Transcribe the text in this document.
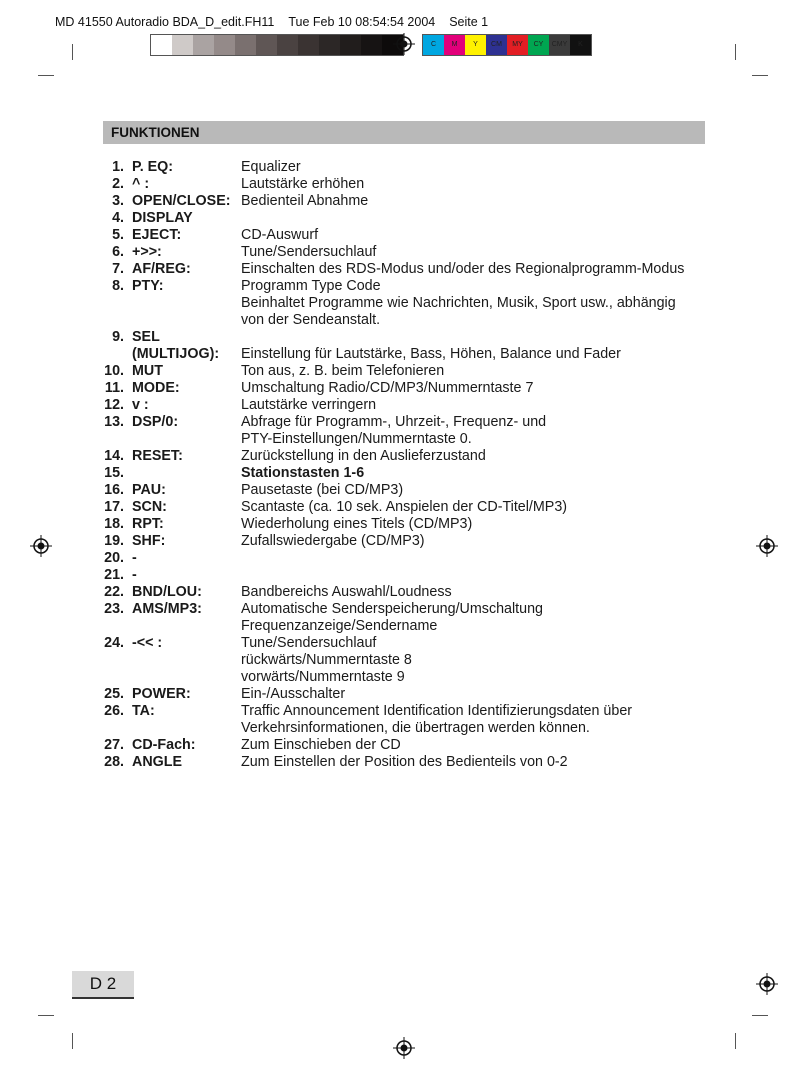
MD 41550 Autoradio BDA_D_edit.FH11 Tue Feb 10 08:54:54 2004 Seite 1
C	M	Y	CM	MY	CY	CMY	K
FUNKTIONEN
1. P. EQ:	Equalizer
2. ^ :	Lautstärke erhöhen
3. OPEN/CLOSE: Bedienteil Abnahme
4. DISPLAY
5. EJECT:	CD-Auswurf
6. +>>:	Tune/Sendersuchlauf
7. AF/REG:	Einschalten des RDS-Modus und/oder des Regionalprogramm-Modus
8. PTY:	Programm Type Code
Beinhaltet Programme wie Nachrichten, Musik, Sport usw., abhängig
von der Sendeanstalt.
9. SEL
(MULTIJOG):
	Einstellung für Lautstärke, Bass, Höhen, Balance und Fader
10. MUT	Ton aus, z. B. beim Telefonieren
11. MODE:	Umschaltung Radio/CD/MP3/Nummerntaste 7
12. v :	Lautstärke verringern
13. DSP/0:	Abfrage für Programm-, Uhrzeit-, Frequenz- und
PTY-Einstellungen/Nummerntaste 0.
14. RESET:	Zurückstellung in den Auslieferzustand
15.
	Stationstasten 1-6
16. PAU:	Pausetaste (bei CD/MP3)
17. SCN:	Scantaste (ca. 10 sek. Anspielen der CD-Titel/MP3)
18. RPT:	Wiederholung eines Titels (CD/MP3)
19. SHF:	Zufallswiedergabe (CD/MP3)
20. -
21. -
22. BND/LOU:	Bandbereichs Auswahl/Loudness
23. AMS/MP3:	Automatische Senderspeicherung/Umschaltung
Frequenzanzeige/Sendername
24. -<< :	Tune/Sendersuchlauf
rückwärts/Nummerntaste 8
vorwärts/Nummerntaste 9
25. POWER:	Ein-/Ausschalter
26. TA:	Traffic Announcement Identification Identifizierungsdaten über
Verkehrsinformationen, die übertragen werden können.
27. CD-Fach:	Zum Einschieben der CD
28. ANGLE	Zum Einstellen der Position des Bedienteils von 0-2
D 2
